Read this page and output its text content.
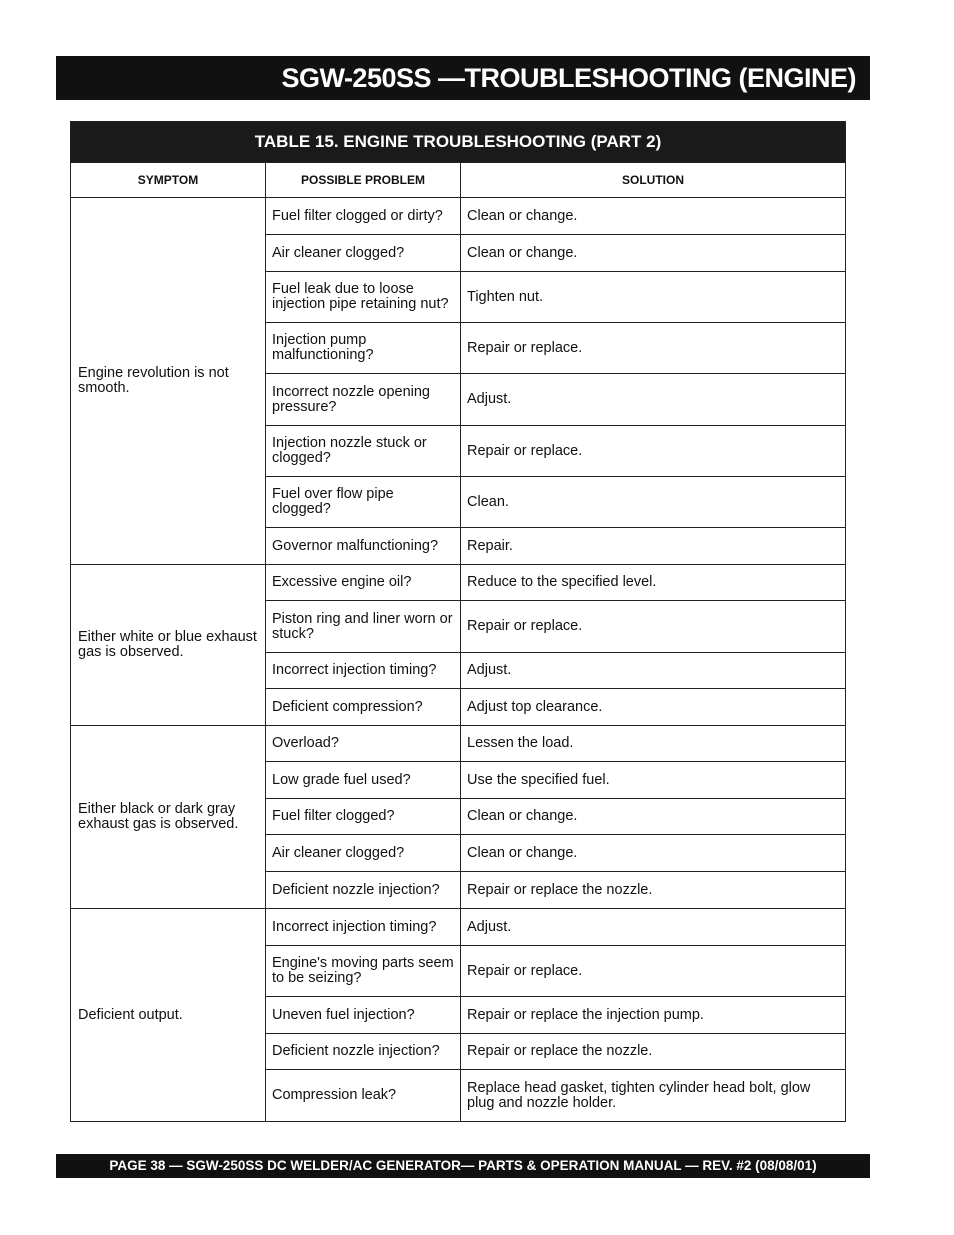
SGW-250SS —TROUBLESHOOTING (ENGINE)
TABLE 15. ENGINE TROUBLESHOOTING (PART 2)		
SYMPTOM	POSSIBLE PROBLEM	SOLUTION
Engine revolution is not smooth.	Fuel filter clogged or dirty?	Clean or change.
	Air cleaner clogged?	Clean or change.
	Fuel leak due to loose injection pipe retaining nut?	Tighten nut.
	Injection pump malfunctioning?	Repair or replace.
	Incorrect nozzle opening pressure?	Adjust.
	Injection nozzle stuck or clogged?	Repair or replace.
	Fuel over flow pipe clogged?	Clean.
	Governor malfunctioning?	Repair.
Either white or blue exhaust gas is observed.	Excessive engine oil?	Reduce to the specified level.
	Piston ring and liner worn or stuck?	Repair or replace.
	Incorrect injection timing?	Adjust.
	Deficient compression?	Adjust top clearance.
Either black or dark gray exhaust gas is observed.	Overload?	Lessen the load.
	Low grade fuel used?	Use the specified fuel.
	Fuel filter clogged?	Clean or change.
	Air cleaner clogged?	Clean or change.
	Deficient nozzle injection?	Repair or replace the nozzle.
Deficient output.	Incorrect injection timing?	Adjust.
	Engine's moving parts seem to be seizing?	Repair or replace.
	Uneven fuel injection?	Repair or replace the injection pump.
	Deficient nozzle injection?	Repair or replace the nozzle.
	Compression leak?	Replace head gasket, tighten cylinder head bolt, glow plug and nozzle holder.
PAGE 38 — SGW-250SS DC WELDER/AC GENERATOR— PARTS & OPERATION MANUAL — REV. #2 (08/08/01)
